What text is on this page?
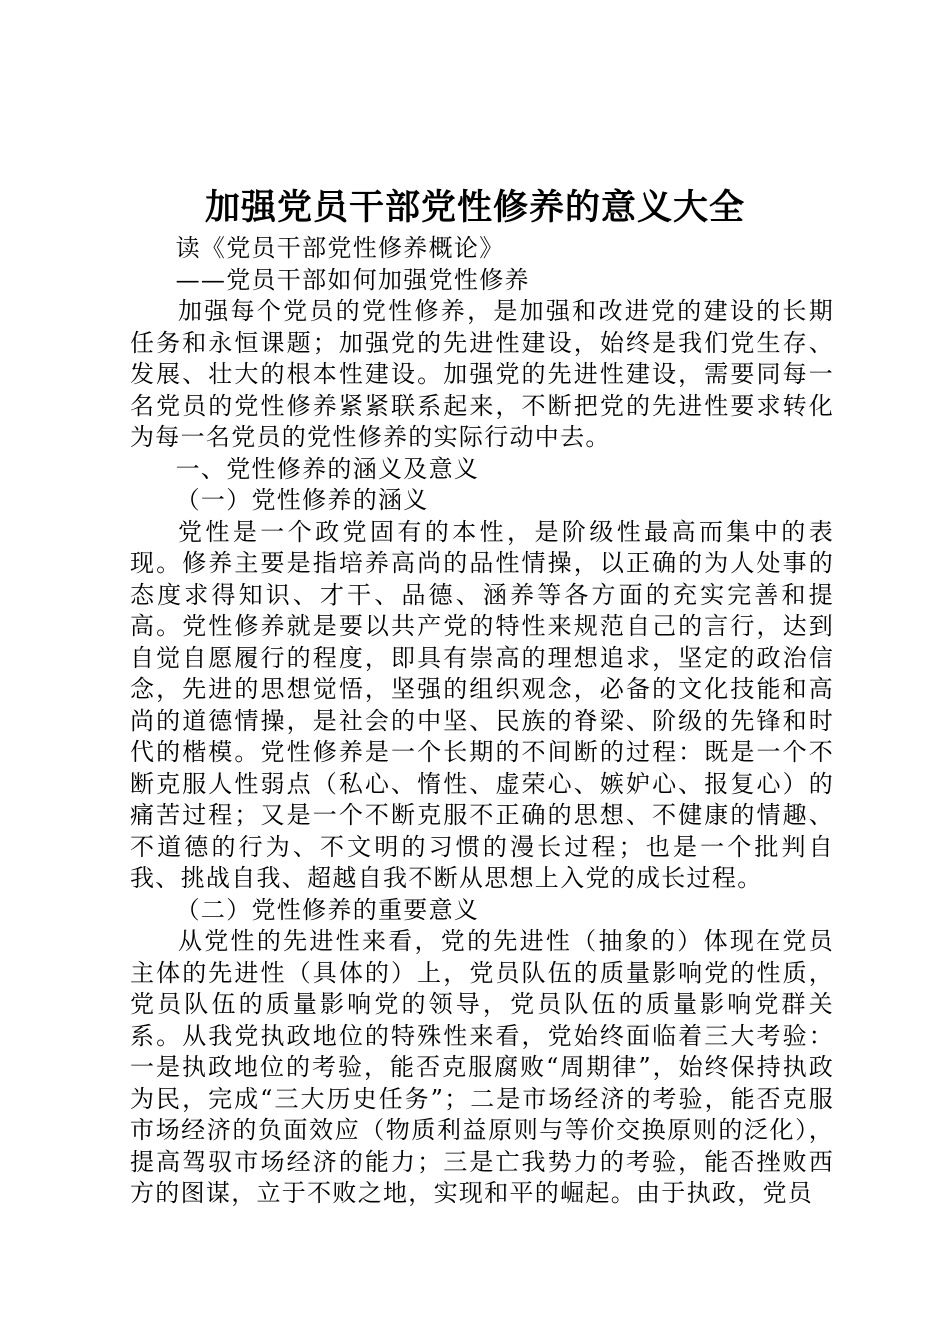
加强党员干部党性修养的意义大全

读《党员干部党性修养概论》

——党员干部如何加强党性修养

加强每个党员的党性修养，是加强和改进党的建设的长期任务和永恒课题；加强党的先进性建设，始终是我们党生存、发展、壮大的根本性建设。加强党的先进性建设，需要同每一名党员的党性修养紧紧联系起来，不断把党的先进性要求转化为每一名党员的党性修养的实际行动中去。

一、党性修养的涵义及意义

（一）党性修养的涵义

党性是一个政党固有的本性，是阶级性最高而集中的表现。修养主要是指培养高尚的品性情操，以正确的为人处事的态度求得知识、才干、品德、涵养等各方面的充实完善和提高。党性修养就是要以共产党的特性来规范自己的言行，达到自觉自愿履行的程度，即具有崇高的理想追求，坚定的政治信念，先进的思想觉悟，坚强的组织观念，必备的文化技能和高尚的道德情操，是社会的中坚、民族的脊梁、阶级的先锋和时代的楷模。党性修养是一个长期的不间断的过程：既是一个不断克服人性弱点（私心、惰性、虚荣心、嫉妒心、报复心）的痛苦过程；又是一个不断克服不正确的思想、不健康的情趣、不道德的行为、不文明的习惯的漫长过程；也是一个批判自我、挑战自我、超越自我不断从思想上入党的成长过程。

（二）党性修养的重要意义

从党性的先进性来看，党的先进性（抽象的）体现在党员主体的先进性（具体的）上，党员队伍的质量影响党的性质，党员队伍的质量影响党的领导，党员队伍的质量影响党群关系。从我党执政地位的特殊性来看，党始终面临着三大考验：一是执政地位的考验，能否克服腐败“周期律”，始终保持执政为民，完成“三大历史任务”；二是市场经济的考验，能否克服市场经济的负面效应（物质利益原则与等价交换原则的泛化），提高驾驭市场经济的能力；三是亡我势力的考验，能否挫败西方的图谋，立于不败之地，实现和平的崛起。由于执政，党员
